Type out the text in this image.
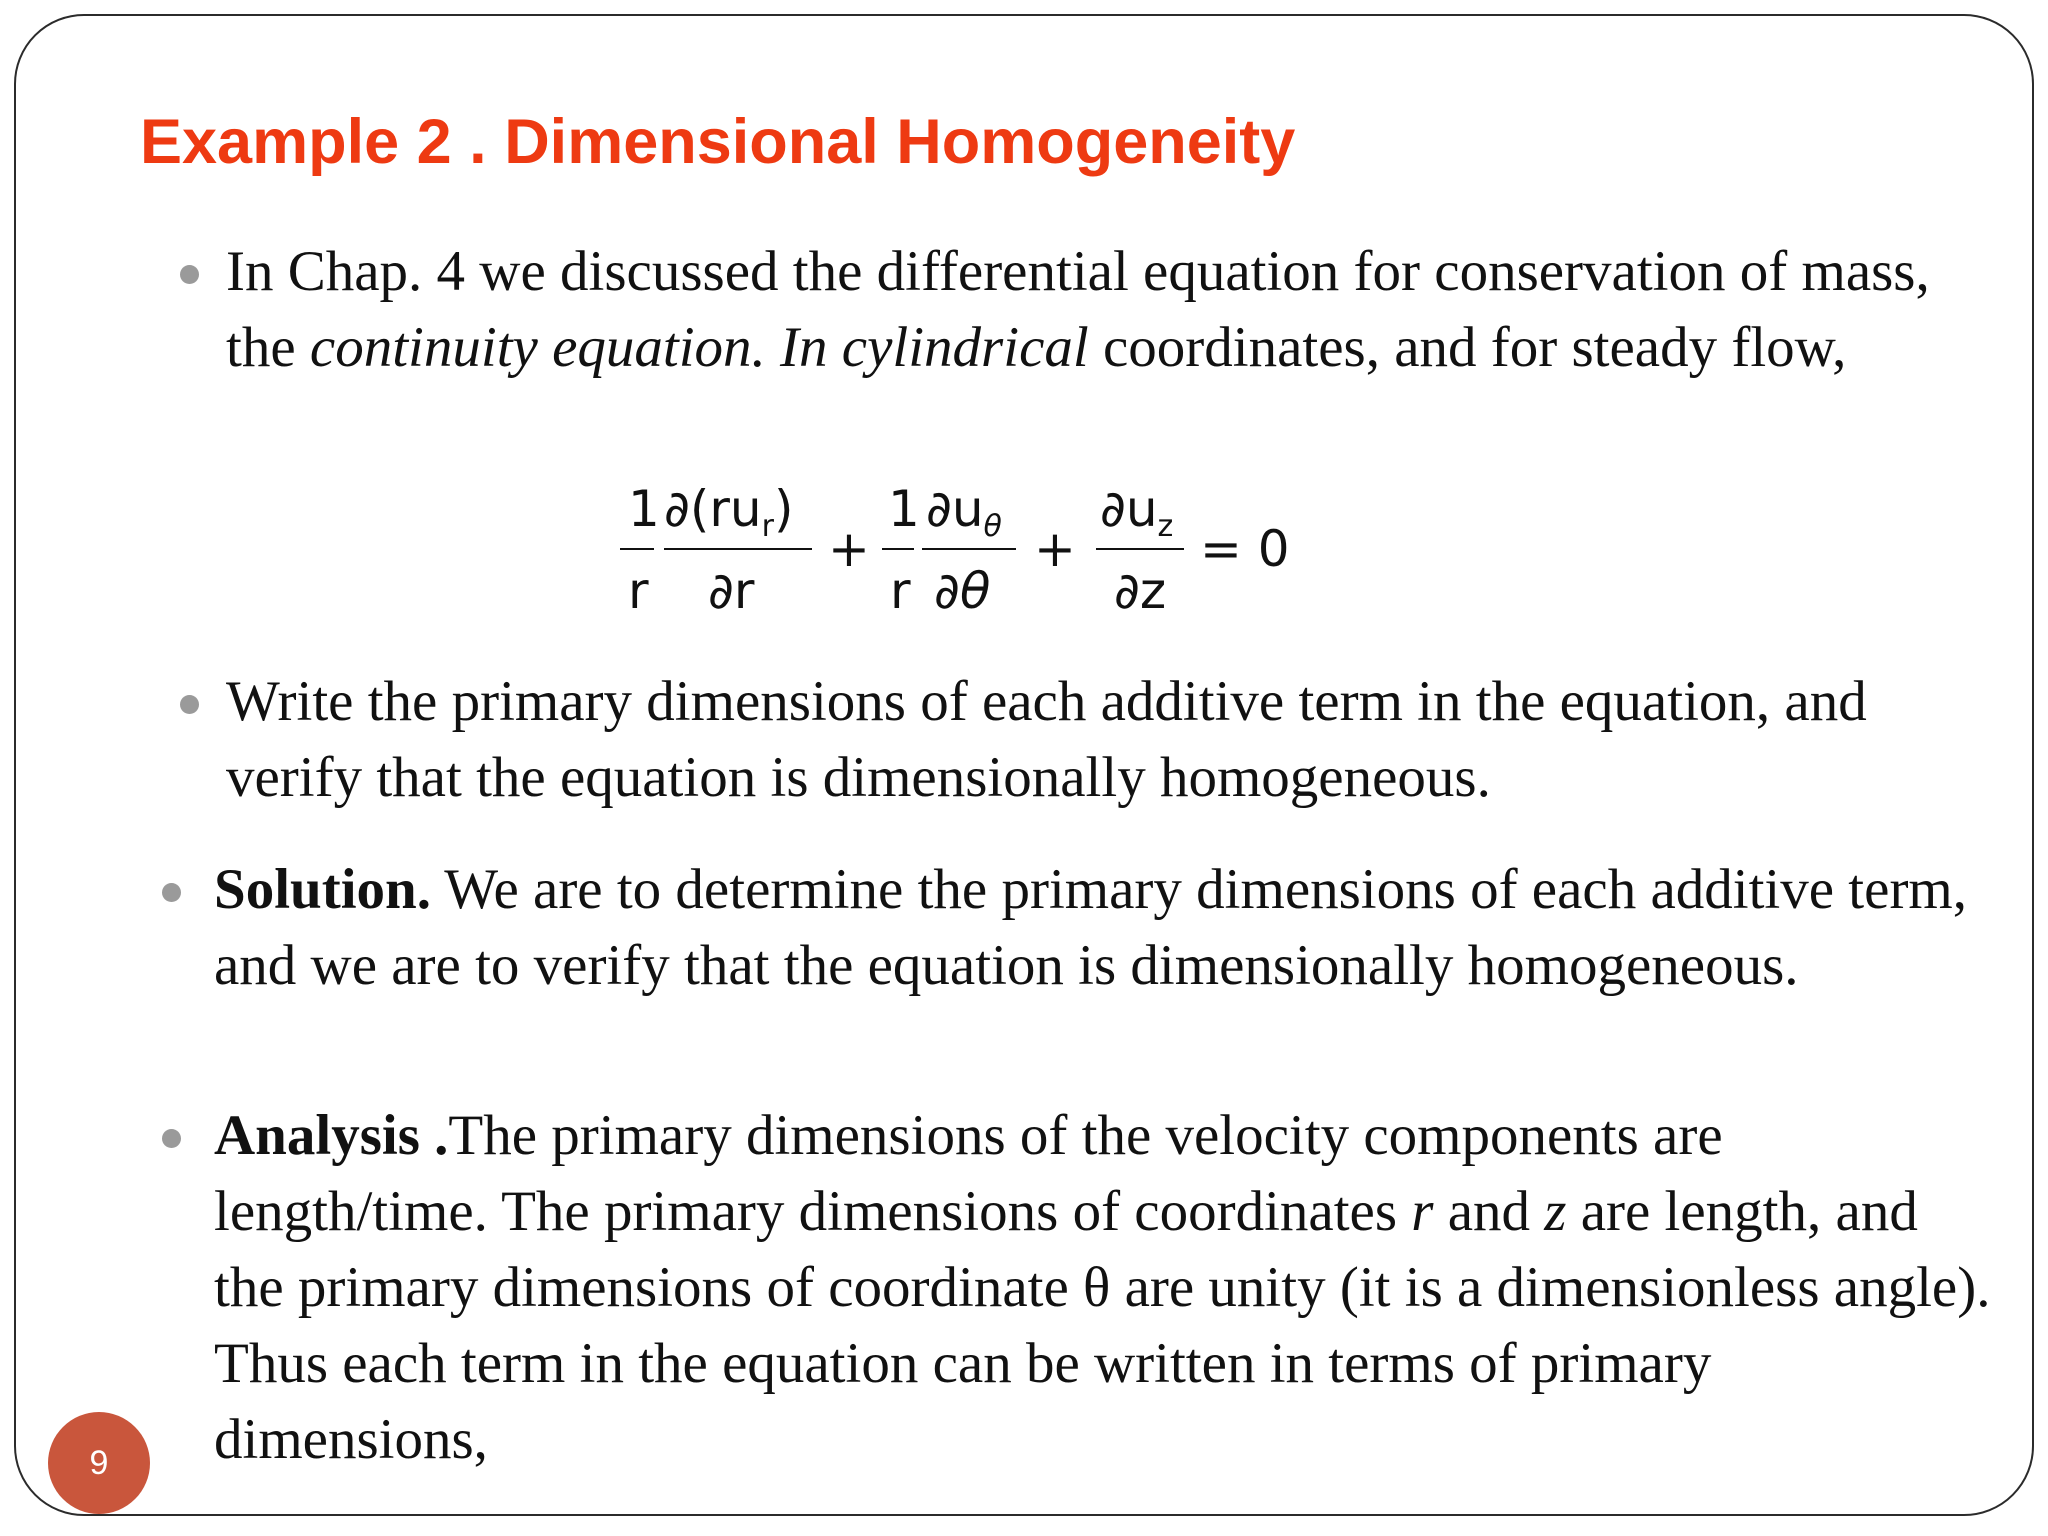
Example 2 . Dimensional Homogeneity
In Chap. 4 we discussed the differential equation for conservation of mass, the continuity equation. In cylindrical coordinates, and for steady flow,
1
r
$\partial(ru_r)$
∂r
+
1
r
$\partial u_\theta$
∂θ
+
$\partial u_z$
∂z
= 0
Write the primary dimensions of each additive term in the equation, and verify that the equation is dimensionally homogeneous.
Solution. We are to determine the primary dimensions of each additive term, and we are to verify that the equation is dimensionally homogeneous.
Analysis .The primary dimensions of the velocity components are length/time. The primary dimensions of coordinates r and z are length, and the primary dimensions of coordinate θ are unity (it is a dimensionless angle). Thus each term in the equation can be written in terms of primary dimensions,
9
